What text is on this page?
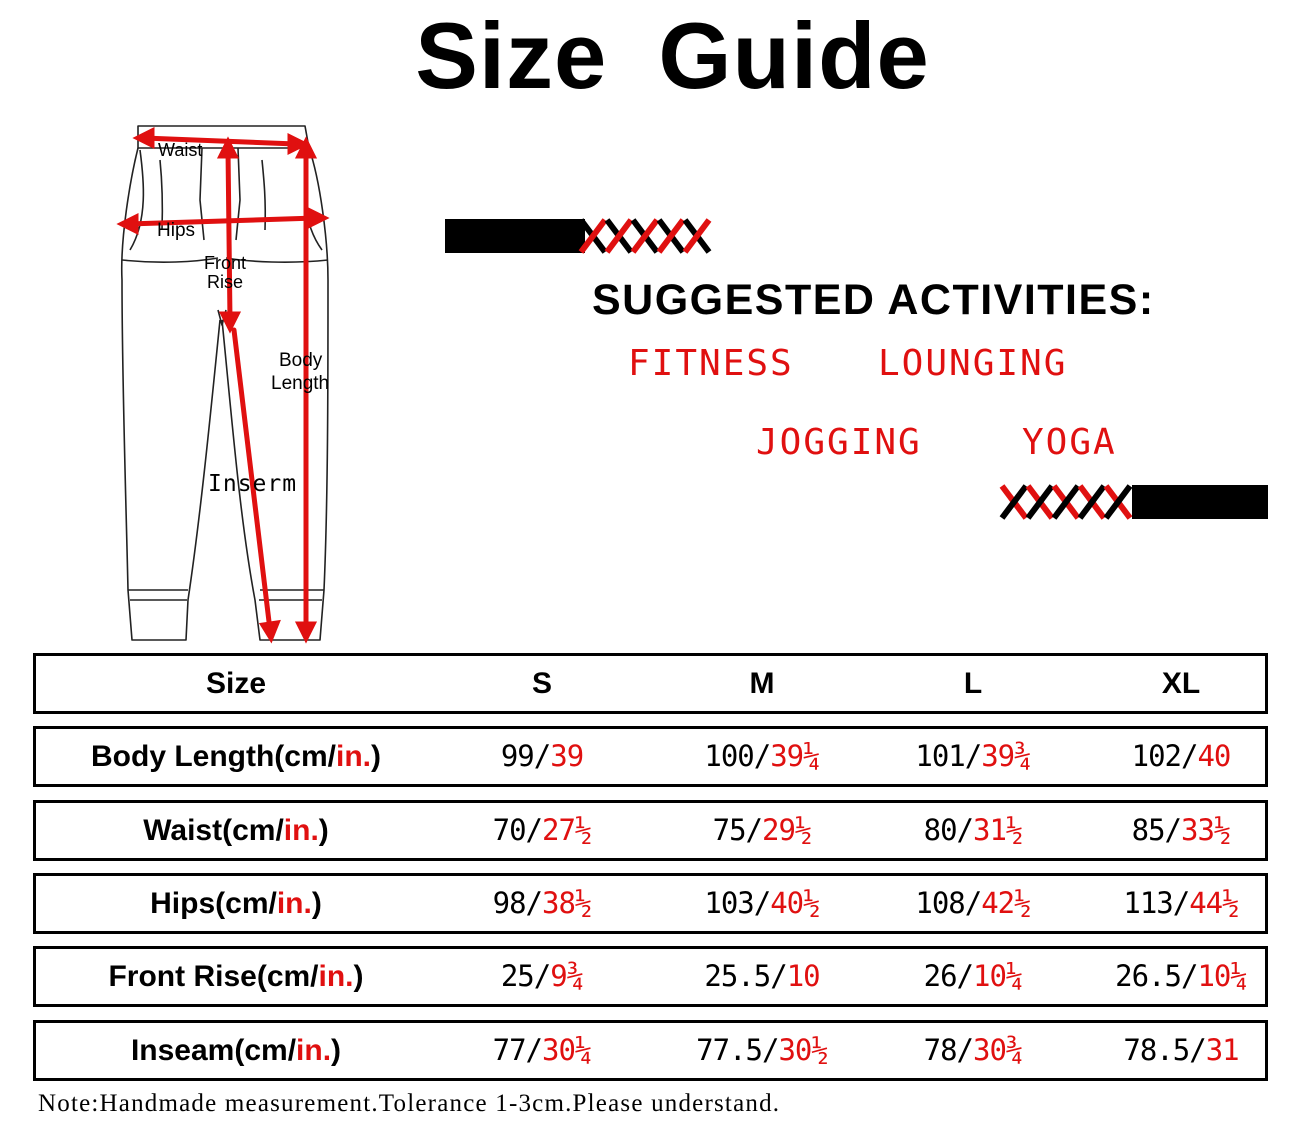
Size Guide
Waist
Hips
Front
Rise
Body
Length
Inserm
SUGGESTED ACTIVITIES:
FITNESS LOUNGING
JOGGING	YOGA
Size	S	M	L	XL
Body Length(cm/in.)	99/39	100/39¼	101/39¾	102/40
Waist(cm/in.)	70/27½	75/29½	80/31½	85/33½
Hips(cm/in.)	98/38½	103/40½	108/42½	113/44½
Front Rise(cm/in.)	25/9¾	25.5/10	26/10¼	26.5/10¼
Inseam(cm/in.)	77/30¼	77.5/30½	78/30¾	78.5/31
Note:Handmade measurement.Tolerance 1-3cm.Please understand.
